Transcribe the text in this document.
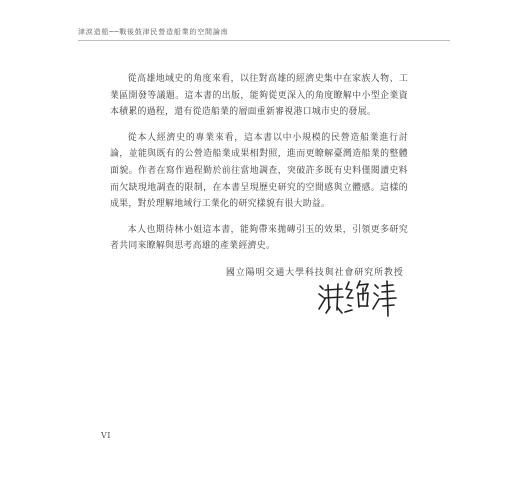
津涙造船──戰後鼓津民營造船業的空間論南

從高雄地域史的角度來看，以往對高雄的經濟史集中在家族人物、工業區開發等議題。這本書的出版，能夠從更深入的角度瞭解中小型企業資本積累的過程，還有從造船業的層面重新審視港口城市史的發展。

從本人經濟史的專業來看，這本書以中小規模的民營造船業進行討論，並能與既有的公營造船業成果相對照，進而更瞭解臺灣造船業的整體面貌。作者在寫作過程勤於前往當地調查，突破許多既有史料僅閱讀史料而欠缺現地調查的限制，在本書呈現歷史研究的空間感與立體感。這樣的成果，對於理解地域行工業化的研究樣貌有很大助益。

本人也期待林小姐這本書，能夠帶來拋磚引玉的效果，引領更多研究者共同來瞭解與思考高雄的產業經濟史。

國立陽明交通大學科技與社會研究所教授
VI
